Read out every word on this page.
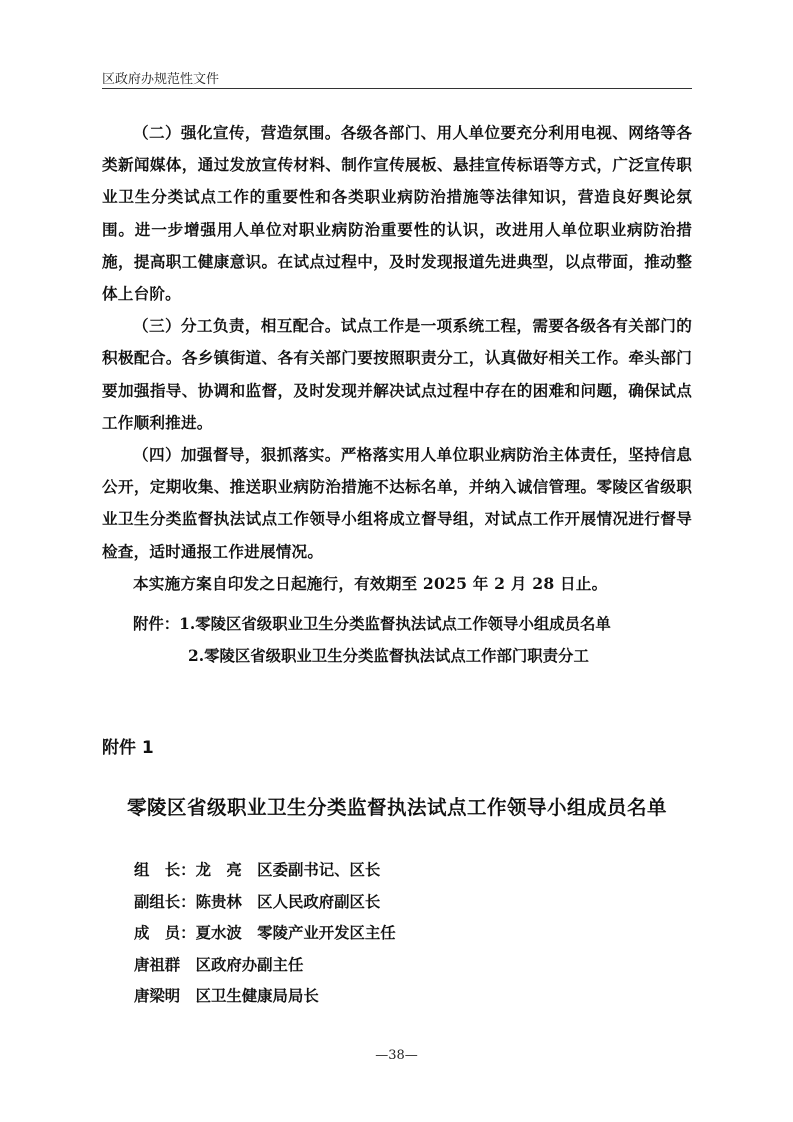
区政府办规范性文件

（二）强化宣传，营造氛围。各级各部门、用人单位要充分利用电视、网络等各类新闻媒体，通过发放宣传材料、制作宣传展板、悬挂宣传标语等方式，广泛宣传职业卫生分类试点工作的重要性和各类职业病防治措施等法律知识，营造良好舆论氛围。进一步增强用人单位对职业病防治重要性的认识，改进用人单位职业病防治措施，提高职工健康意识。在试点过程中，及时发现报道先进典型，以点带面，推动整体上台阶。

（三）分工负责，相互配合。试点工作是一项系统工程，需要各级各有关部门的积极配合。各乡镇街道、各有关部门要按照职责分工，认真做好相关工作。牵头部门要加强指导、协调和监督，及时发现并解决试点过程中存在的困难和问题，确保试点工作顺利推进。

（四）加强督导，狠抓落实。严格落实用人单位职业病防治主体责任，坚持信息公开，定期收集、推送职业病防治措施不达标名单，并纳入诚信管理。零陵区省级职业卫生分类监督执法试点工作领导小组将成立督导组，对试点工作开展情况进行督导检查，适时通报工作进展情况。

本实施方案自印发之日起施行，有效期至 2025 年 2 月 28 日止。

附件：1.零陵区省级职业卫生分类监督执法试点工作领导小组成员名单
2.零陵区省级职业卫生分类监督执法试点工作部门职责分工
附件 1
零陵区省级职业卫生分类监督执法试点工作领导小组成员名单
组　长：龙　亮　 区委副书记、区长
副组长：陈贵林　 区人民政府副区长
成　员：夏水波　 零陵产业开发区主任
唐祖群　 区政府办副主任
唐梁明　 区卫生健康局局长
—38—
